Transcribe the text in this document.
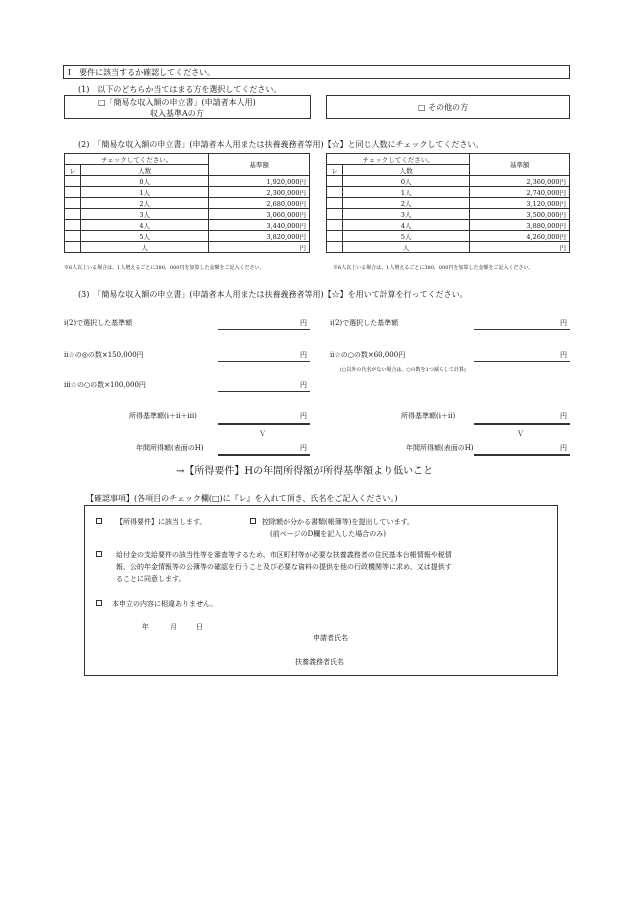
Ⅰ　要件に該当するか確認してください。
(1)　以下のどちらか当てはまる方を選択してください。
□「簡易な収入額の申立書」(申請者本人用)
収入基準Aの方
□ その他の方
(2)　「簡易な収入額の申立書」(申請者本人用または扶養義務者等用)【☆】と同じ人数にチェックしてください。
チェックしてください。		基準額
レ	人数	
	0人	1,920,000円
	1人	2,300,000円
	2人	2,680,000円
	3人	3,060,000円
	4人	3,440,000円
	5人	3,820,000円
	人	円
チェックしてください。		基準額
レ	人数	
	0人	2,360,000円
	1人	2,740,000円
	2人	3,120,000円
	3人	3,500,000円
	4人	3,880,000円
	5人	4,260,000円
	人	円
※6人以上いる場合は、1人増えるごとに380，000円を加算した金額をご記入ください。	※6人以上いる場合は、1人増えるごとに380，000円を加算した金額をご記入ください。
(3)　「簡易な収入額の申立書」(申請者本人用または扶養義務者等用)【☆】を用いて計算を行ってください。
ⅰ(2)で選択した基準額	円
ⅱ☆の◎の数×150,000円	円
ⅲ☆の○の数×100,000円	円
所得基準額(ⅰ＋ⅱ＋ⅲ)	円
Ｖ
年間所得額(表面のH)	円
ⅰ(2)で選択した基準額	円
ⅱ☆の○の数×60,000円	円
(○以外の氏名がない場合は、○の数を1つ減らして計算)
所得基準額(ⅰ＋ⅱ)	円
Ｖ
年間所得額(表面のH)	円
→【所得要件】Hの年間所得額が所得基準額より低いこと
【確認事項】(各項目のチェック欄(□)に『レ』を入れて頂き、氏名をご記入ください。)
【所得要件】に該当します。	控除額が分かる書類(帳簿等)を提出しています。
(前ページのD欄を記入した場合のみ)
給付金の支給要件の該当性等を審査等するため、市区町村等が必要な扶養義務者の住民基本台帳情報や税情
報、公的年金情報等の公簿等の確認を行うこと及び必要な資料の提供を他の行政機関等に求め、又は提供す
ることに同意します。
本申立の内容に相違ありません。
年	月	日
申請者氏名
扶養義務者氏名
